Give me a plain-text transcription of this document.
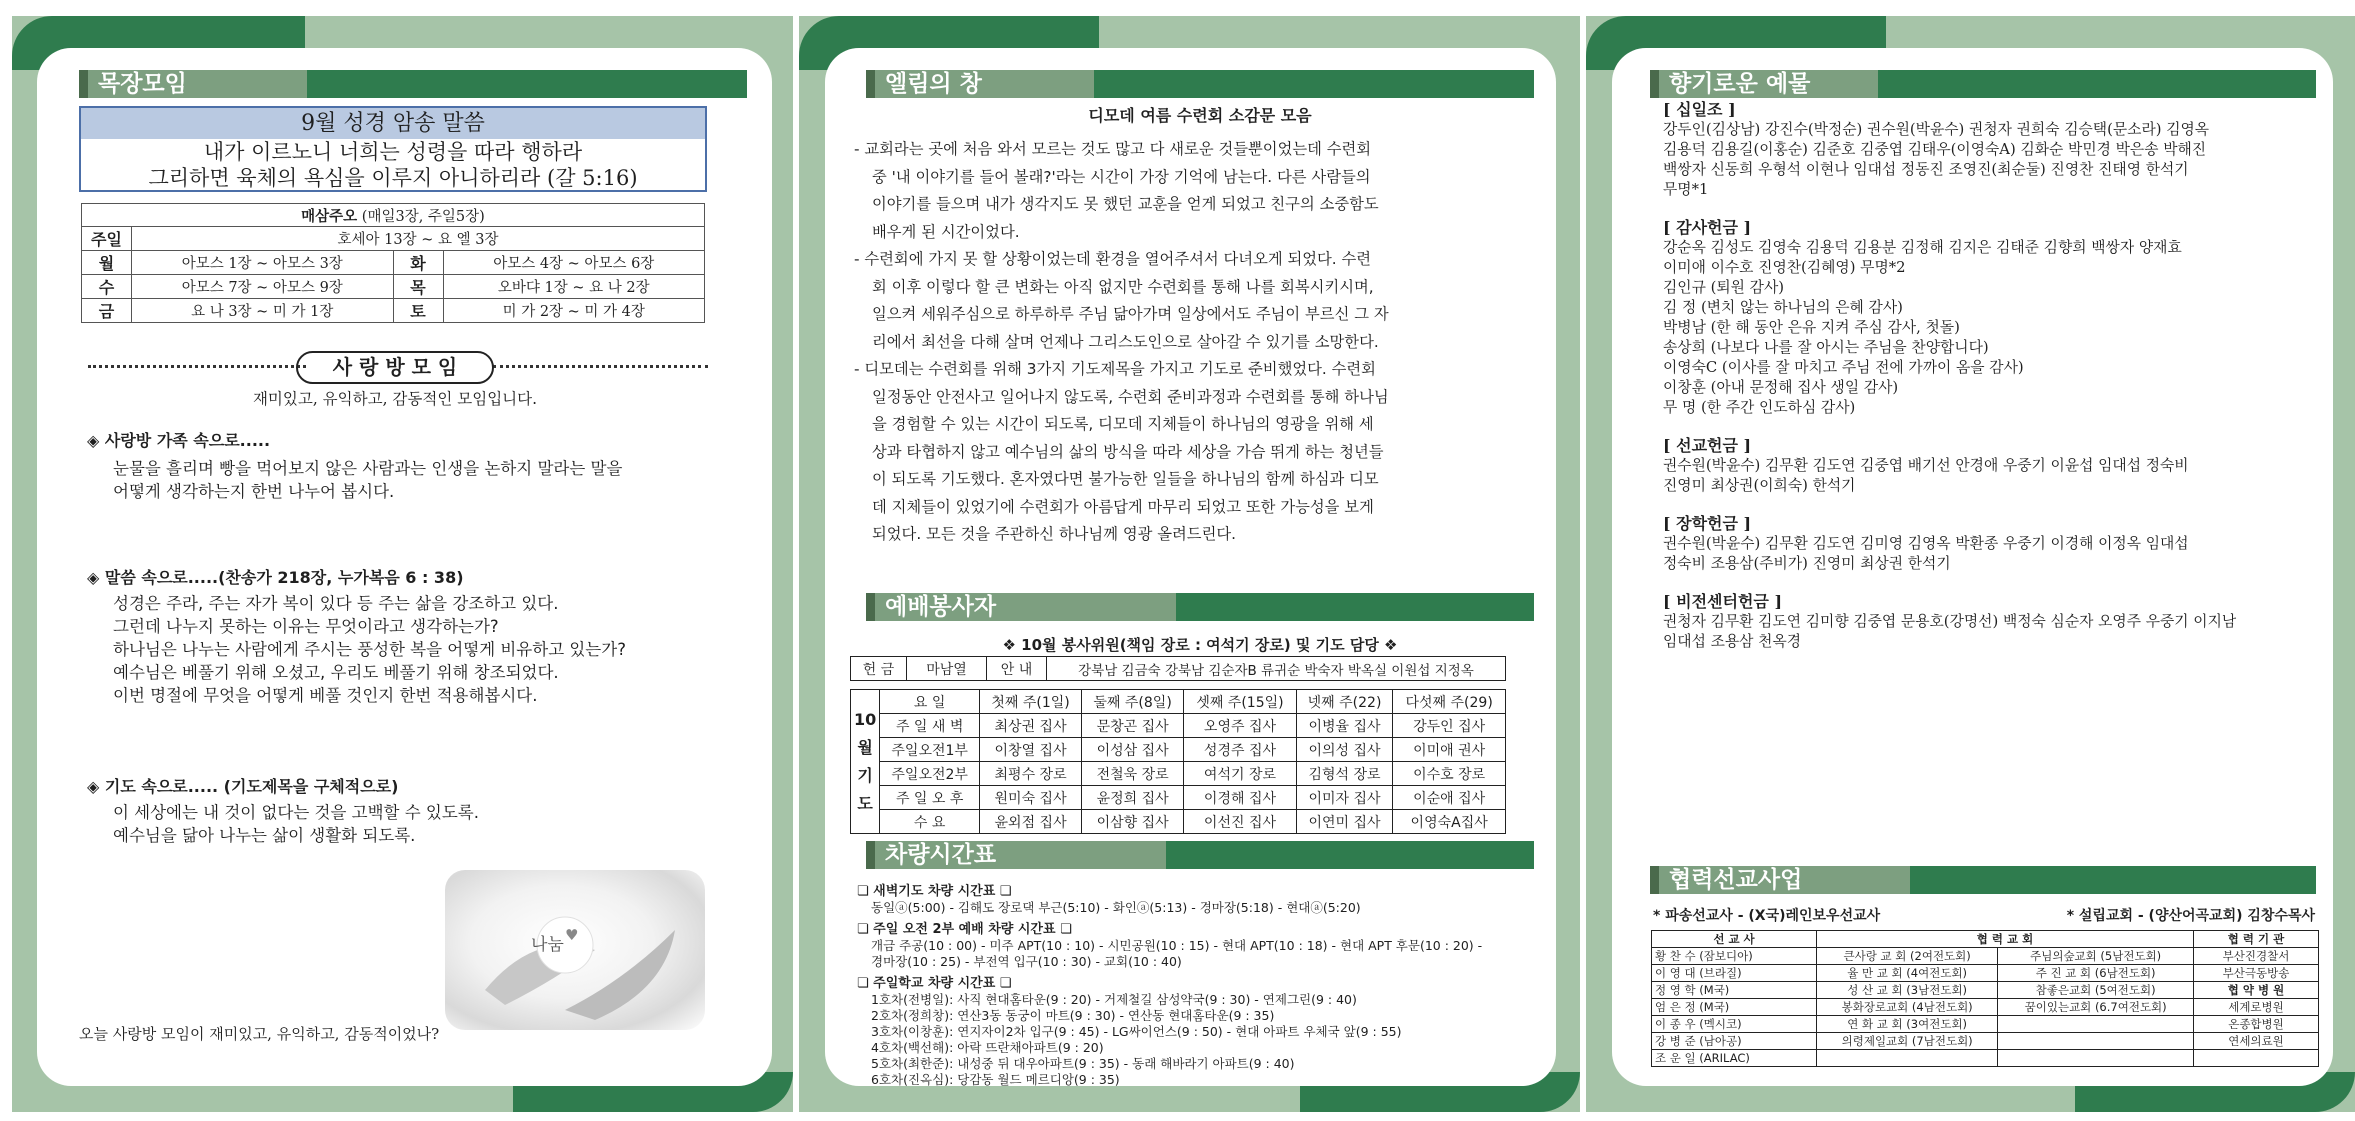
목장모임
9월 성경 암송 말씀
내가 이르노니 너희는 성령을 따라 행하라
그리하면 육체의 욕심을 이루지 아니하리라 (갈 5:16)
매삼주오 (매일3장, 주일5장)			
주일	호세아 13장 ~ 요 엘 3장		
월	아모스 1장 ~ 아모스 3장	화	아모스 4장 ~ 아모스 6장
수	아모스 7장 ~ 아모스 9장	목	오바댜 1장 ~ 요 나 2장
금	요 나 3장 ~ 미 가 1장	토	미 가 2장 ~ 미 가 4장
사 랑 방 모 임
재미있고, 유익하고, 감동적인 모임입니다.
◈ 사랑방 가족 속으로.....
눈물을 흘리며 빵을 먹어보지 않은 사람과는 인생을 논하지 말라는 말을
어떻게 생각하는지 한번 나누어 봅시다.
◈ 말씀 속으로.....(찬송가 218장, 누가복음 6 : 38)
성경은 주라, 주는 자가 복이 있다 등 주는 삶을 강조하고 있다.
그런데 나누지 못하는 이유는 무엇이라고 생각하는가?
하나님은 나누는 사람에게 주시는 풍성한 복을 어떻게 비유하고 있는가?
예수님은 베풀기 위해 오셨고, 우리도 베풀기 위해 창조되었다.
이번 명절에 무엇을 어떻게 베풀 것인지 한번 적용해봅시다.
◈ 기도 속으로..... (기도제목을 구체적으로)
이 세상에는 내 것이 없다는 것을 고백할 수 있도록.
예수님을 닮아 나누는 삶이 생활화 되도록.
나눔 ♥
오늘 사랑방 모임이 재미있고, 유익하고, 감동적이었나?
엘림의 창
디모데 여름 수련회 소감문 모음
- 교회라는 곳에 처음 와서 모르는 것도 많고 다 새로운 것들뿐이었는데 수련회
중 '내 이야기를 들어 볼래?'라는 시간이 가장 기억에 남는다. 다른 사람들의
이야기를 들으며 내가 생각지도 못 했던 교훈을 얻게 되었고 친구의 소중함도
배우게 된 시간이었다.
- 수련회에 가지 못 할 상황이었는데 환경을 열어주셔서 다녀오게 되었다. 수련
회 이후 이렇다 할 큰 변화는 아직 없지만 수련회를 통해 나를 회복시키시며,
일으켜 세워주심으로 하루하루 주님 닮아가며 일상에서도 주님이 부르신 그 자
리에서 최선을 다해 살며 언제나 그리스도인으로 살아갈 수 있기를 소망한다.
- 디모데는 수련회를 위해 3가지 기도제목을 가지고 기도로 준비했었다. 수련회
일정동안 안전사고 일어나지 않도록, 수련회 준비과정과 수련회를 통해 하나님
을 경험할 수 있는 시간이 되도록, 디모데 지체들이 하나님의 영광을 위해 세
상과 타협하지 않고 예수님의 삶의 방식을 따라 세상을 가슴 뛰게 하는 청년들
이 되도록 기도했다. 혼자였다면 불가능한 일들을 하나님의 함께 하심과 디모
데 지체들이 있었기에 수련회가 아름답게 마무리 되었고 또한 가능성을 보게
되었다. 모든 것을 주관하신 하나님께 영광 올려드린다.
예배봉사자
❖ 10월 봉사위원(책임 장로 : 여석기 장로) 및 기도 담당 ❖
헌 금	마남열	안 내	강북남 김금숙 강북남 김순자B 류귀순 박숙자 박옥실 이원섭 지정옥
10
월
기
도	요 일	첫째 주(1일)	둘째 주(8일)	셋째 주(15일)	넷째 주(22)	다섯째 주(29)
	주 일 새 벽	최상권 집사	문창곤 집사	오영주 집사	이병율 집사	강두인 집사
	주일오전1부	이창열 집사	이성삼 집사	성경주 집사	이의성 집사	이미애 권사
	주일오전2부	최평수 장로	전철욱 장로	여석기 장로	김형석 장로	이수호 장로
	주 일 오 후	원미숙 집사	윤정희 집사	이경해 집사	이미자 집사	이순애 집사
	수 요	윤외점 집사	이삼향 집사	이선진 집사	이연미 집사	이영숙A집사
차량시간표
❏ 새벽기도 차량 시간표 ❏
동일ⓐ(5:00) - 김해도 장로댁 부근(5:10) - 화인ⓐ(5:13) - 경마장(5:18) - 현대ⓐ(5:20)
❏ 주일 오전 2부 예배 차량 시간표 ❏
개금 주공(10 : 00) - 미주 APT(10 : 10) - 시민공원(10 : 15) - 현대 APT(10 : 18) - 현대 APT 후문(10 : 20) -
경마장(10 : 25) - 부전역 입구(10 : 30) - 교회(10 : 40)
❏ 주일학교 차량 시간표 ❏
1호차(전병일): 사직 현대홈타운(9 : 20) - 거제철길 삼성약국(9 : 30) - 연제그린(9 : 40)
2호차(정희창): 연산3동 동궁이 마트(9 : 30) - 연산동 현대홈타운(9 : 35)
3호차(이창훈): 연지자이2차 입구(9 : 45) - LG싸이언스(9 : 50) - 현대 아파트 우체국 앞(9 : 55)
4호차(백선해): 아락 뜨란채아파트(9 : 20)
5호차(최한준): 내성중 뒤 대우아파트(9 : 35) - 동래 해바라기 아파트(9 : 40)
6호차(진옥심): 당감동 월드 메르디앙(9 : 35)
향기로운 예물
[ 십일조 ]
강두인(김상남) 강진수(박정순) 권수원(박윤수) 권청자 권희숙 김승택(문소라) 김영옥
김용덕 김용길(이홍순) 김준호 김중엽 김태우(이영숙A) 김화순 박민경 박은송 박해진
백쌍자 신동희 우형석 이현나 임대섭 정동진 조영진(최순둘) 진영찬 진태영 한석기
무명*1
[ 감사헌금 ]
강순옥 김성도 김영숙 김용덕 김용분 김정해 김지은 김태준 김향희 백쌍자 양재효
이미애 이수호 진영찬(김혜영) 무명*2
김인규 (퇴원 감사)
김 정 (변치 않는 하나님의 은혜 감사)
박병남 (한 해 동안 은유 지켜 주심 감사, 첫돌)
송상희 (나보다 나를 잘 아시는 주님을 찬양합니다)
이영숙C (이사를 잘 마치고 주님 전에 가까이 옴을 감사)
이창훈 (아내 문정해 집사 생일 감사)
무 명 (한 주간 인도하심 감사)
[ 선교헌금 ]
권수원(박윤수) 김무환 김도연 김중엽 배기선 안경애 우중기 이윤섭 임대섭 정숙비
진영미 최상권(이희숙) 한석기
[ 장학헌금 ]
권수원(박윤수) 김무환 김도연 김미영 김영옥 박환종 우중기 이경해 이정옥 임대섭
정숙비 조용삼(주비가) 진영미 최상권 한석기
[ 비전센터헌금 ]
권청자 김무환 김도연 김미향 김중엽 문용호(강명선) 백정숙 심순자 오영주 우중기 이지남
임대섭 조용삼 천옥경
협력선교사업
* 파송선교사 - (X국)레인보우선교사	* 설립교회 - (양산어곡교회) 김창수목사
선 교 사	협 력 교 회		협 력 기 관
황 찬 수 (잠보디아)	큰사랑 교 회 (2여전도회)	주님의숲교회 (5남전도회)	부산진경찰서
이 영 대 (브라질)	율 만 교 회 (4여전도회)	주 진 교 회 (6남전도회)	부산극동방송
정 영 학 (M국)	성 산 교 회 (3남전도회)	참좋은교회 (5여전도회)	협 약 병 원
엄 은 정 (M국)	봉화장로교회 (4남전도회)	꿈이있는교회 (6.7여전도회)	세계로병원
이 종 우 (멕시코)	연 화 교 회 (3여전도회)		온종합병원
강 병 준 (남아공)	의령제일교회 (7남전도회)		연세의료원
조 운 일 (ARILAC)			
